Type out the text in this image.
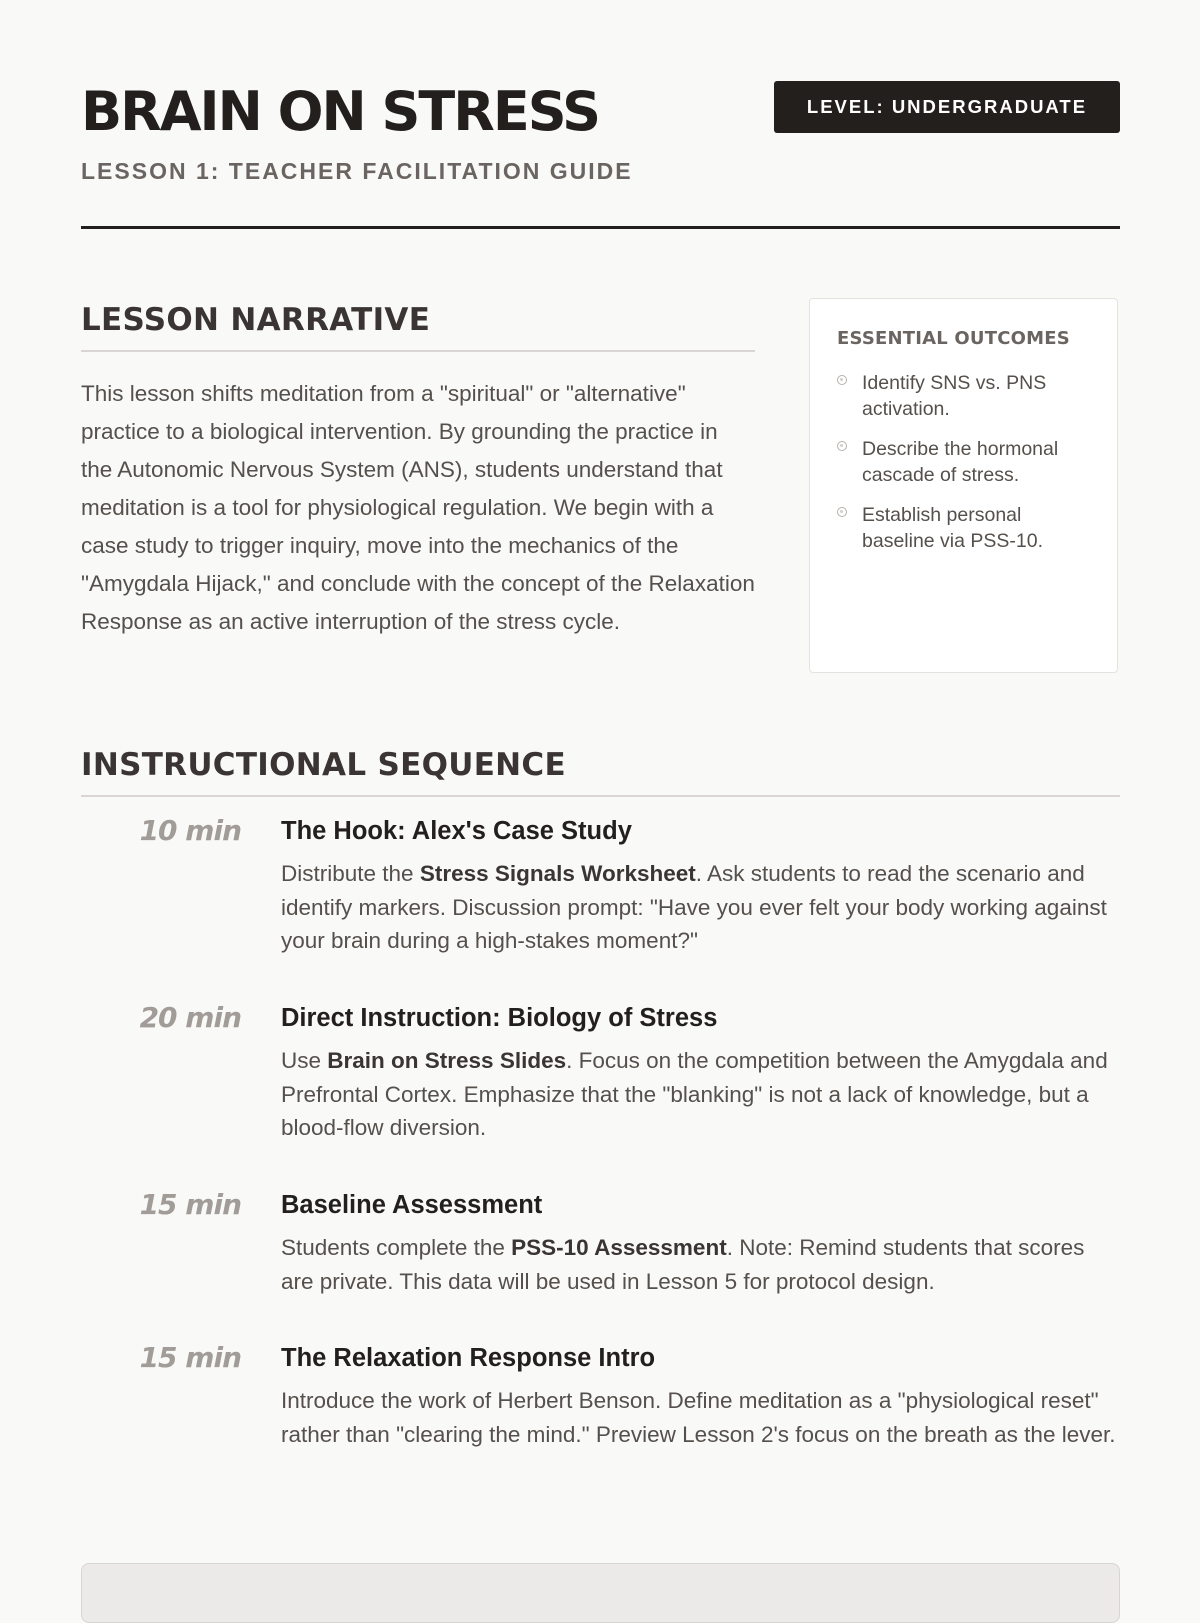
BRAIN ON STRESS
LESSON 1: TEACHER FACILITATION GUIDE
LEVEL: UNDERGRADUATE
LESSON NARRATIVE

This lesson shifts meditation from a "spiritual" or "alternative" practice to a biological intervention. By grounding the practice in the Autonomic Nervous System (ANS), students understand that meditation is a tool for physiological regulation. We begin with a case study to trigger inquiry, move into the mechanics of the "Amygdala Hijack," and conclude with the concept of the Relaxation Response as an active interruption of the stress cycle.

ESSENTIAL OUTCOMES
Identify SNS vs. PNS activation.
Describe the hormonal cascade of stress.
Establish personal baseline via PSS-10.
INSTRUCTIONAL SEQUENCE
10 min The Hook: Alex's Case Study

Distribute the Stress Signals Worksheet. Ask students to read the scenario and identify markers. Discussion prompt: "Have you ever felt your body working against your brain during a high-stakes moment?"

20 min Direct Instruction: Biology of Stress

Use Brain on Stress Slides. Focus on the competition between the Amygdala and Prefrontal Cortex. Emphasize that the "blanking" is not a lack of knowledge, but a blood-flow diversion.

15 min Baseline Assessment

Students complete the PSS-10 Assessment. Note: Remind students that scores are private. This data will be used in Lesson 5 for protocol design.

15 min The Relaxation Response Intro

Introduce the work of Herbert Benson. Define meditation as a "physiological reset" rather than "clearing the mind." Preview Lesson 2's focus on the breath as the lever.
